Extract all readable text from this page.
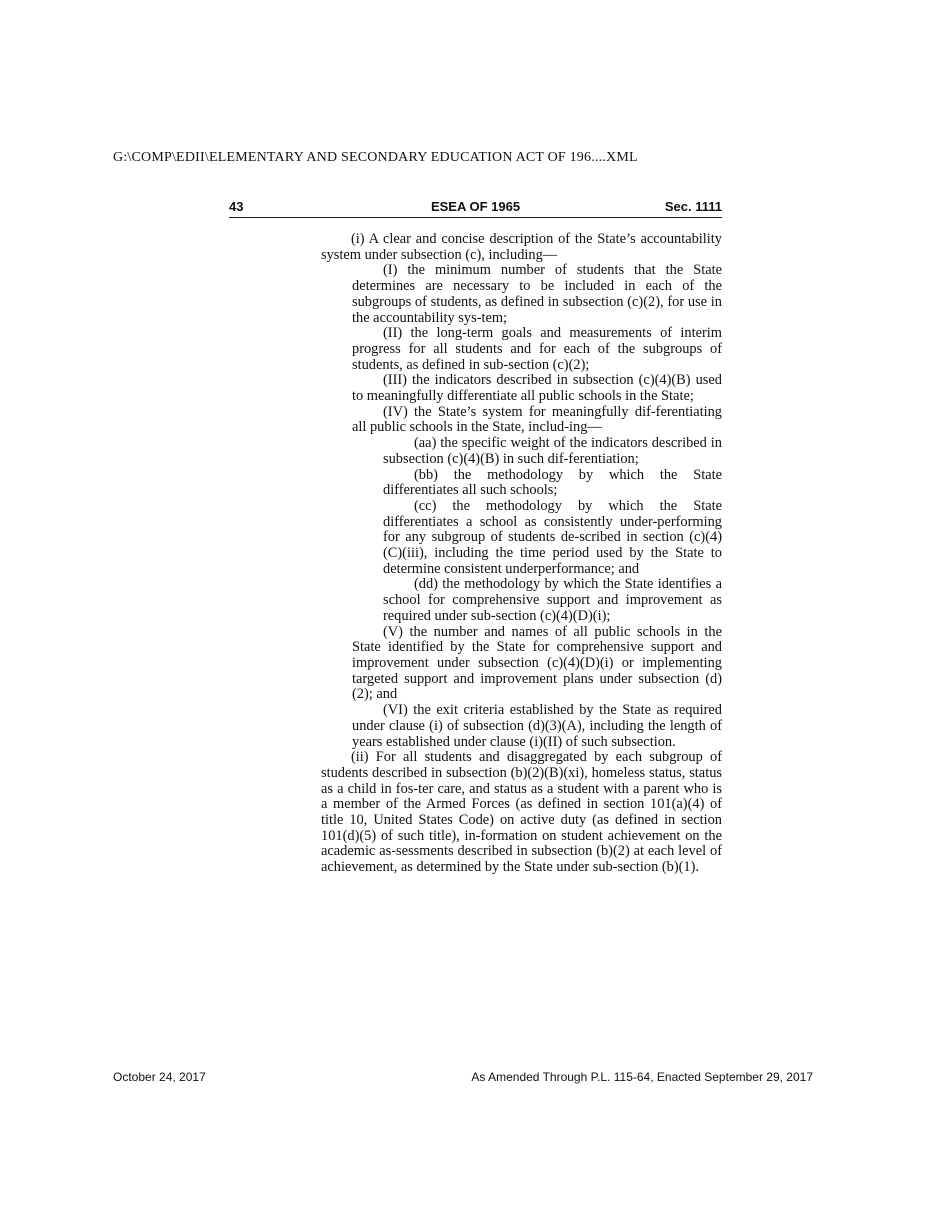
G:\COMP\EDII\ELEMENTARY AND SECONDARY EDUCATION ACT OF 196....XML
43	ESEA OF 1965	Sec. 1111

(i) A clear and concise description of the State’s accountability system under subsection (c), including—

(I) the minimum number of students that the State determines are necessary to be included in each of the subgroups of students, as defined in subsection (c)(2), for use in the accountability sys-tem;

(II) the long-term goals and measurements of interim progress for all students and for each of the subgroups of students, as defined in sub-section (c)(2);

(III) the indicators described in subsection (c)(4)(B) used to meaningfully differentiate all public schools in the State;

(IV) the State’s system for meaningfully dif-ferentiating all public schools in the State, includ-ing—

(aa) the specific weight of the indicators described in subsection (c)(4)(B) in such dif-ferentiation;

(bb) the methodology by which the State differentiates all such schools;

(cc) the methodology by which the State differentiates a school as consistently under-performing for any subgroup of students de-scribed in section (c)(4)(C)(iii), including the time period used by the State to determine consistent underperformance; and

(dd) the methodology by which the State identifies a school for comprehensive support and improvement as required under sub-section (c)(4)(D)(i);

(V) the number and names of all public schools in the State identified by the State for comprehensive support and improvement under subsection (c)(4)(D)(i) or implementing targeted support and improvement plans under subsection (d)(2); and

(VI) the exit criteria established by the State as required under clause (i) of subsection (d)(3)(A), including the length of years established under clause (i)(II) of such subsection.

(ii) For all students and disaggregated by each subgroup of students described in subsection (b)(2)(B)(xi), homeless status, status as a child in fos-ter care, and status as a student with a parent who is a member of the Armed Forces (as defined in section 101(a)(4) of title 10, United States Code) on active duty (as defined in section 101(d)(5) of such title), in-formation on student achievement on the academic as-sessments described in subsection (b)(2) at each level of achievement, as determined by the State under sub-section (b)(1).

October 24, 2017	As Amended Through P.L. 115-64, Enacted September 29, 2017
